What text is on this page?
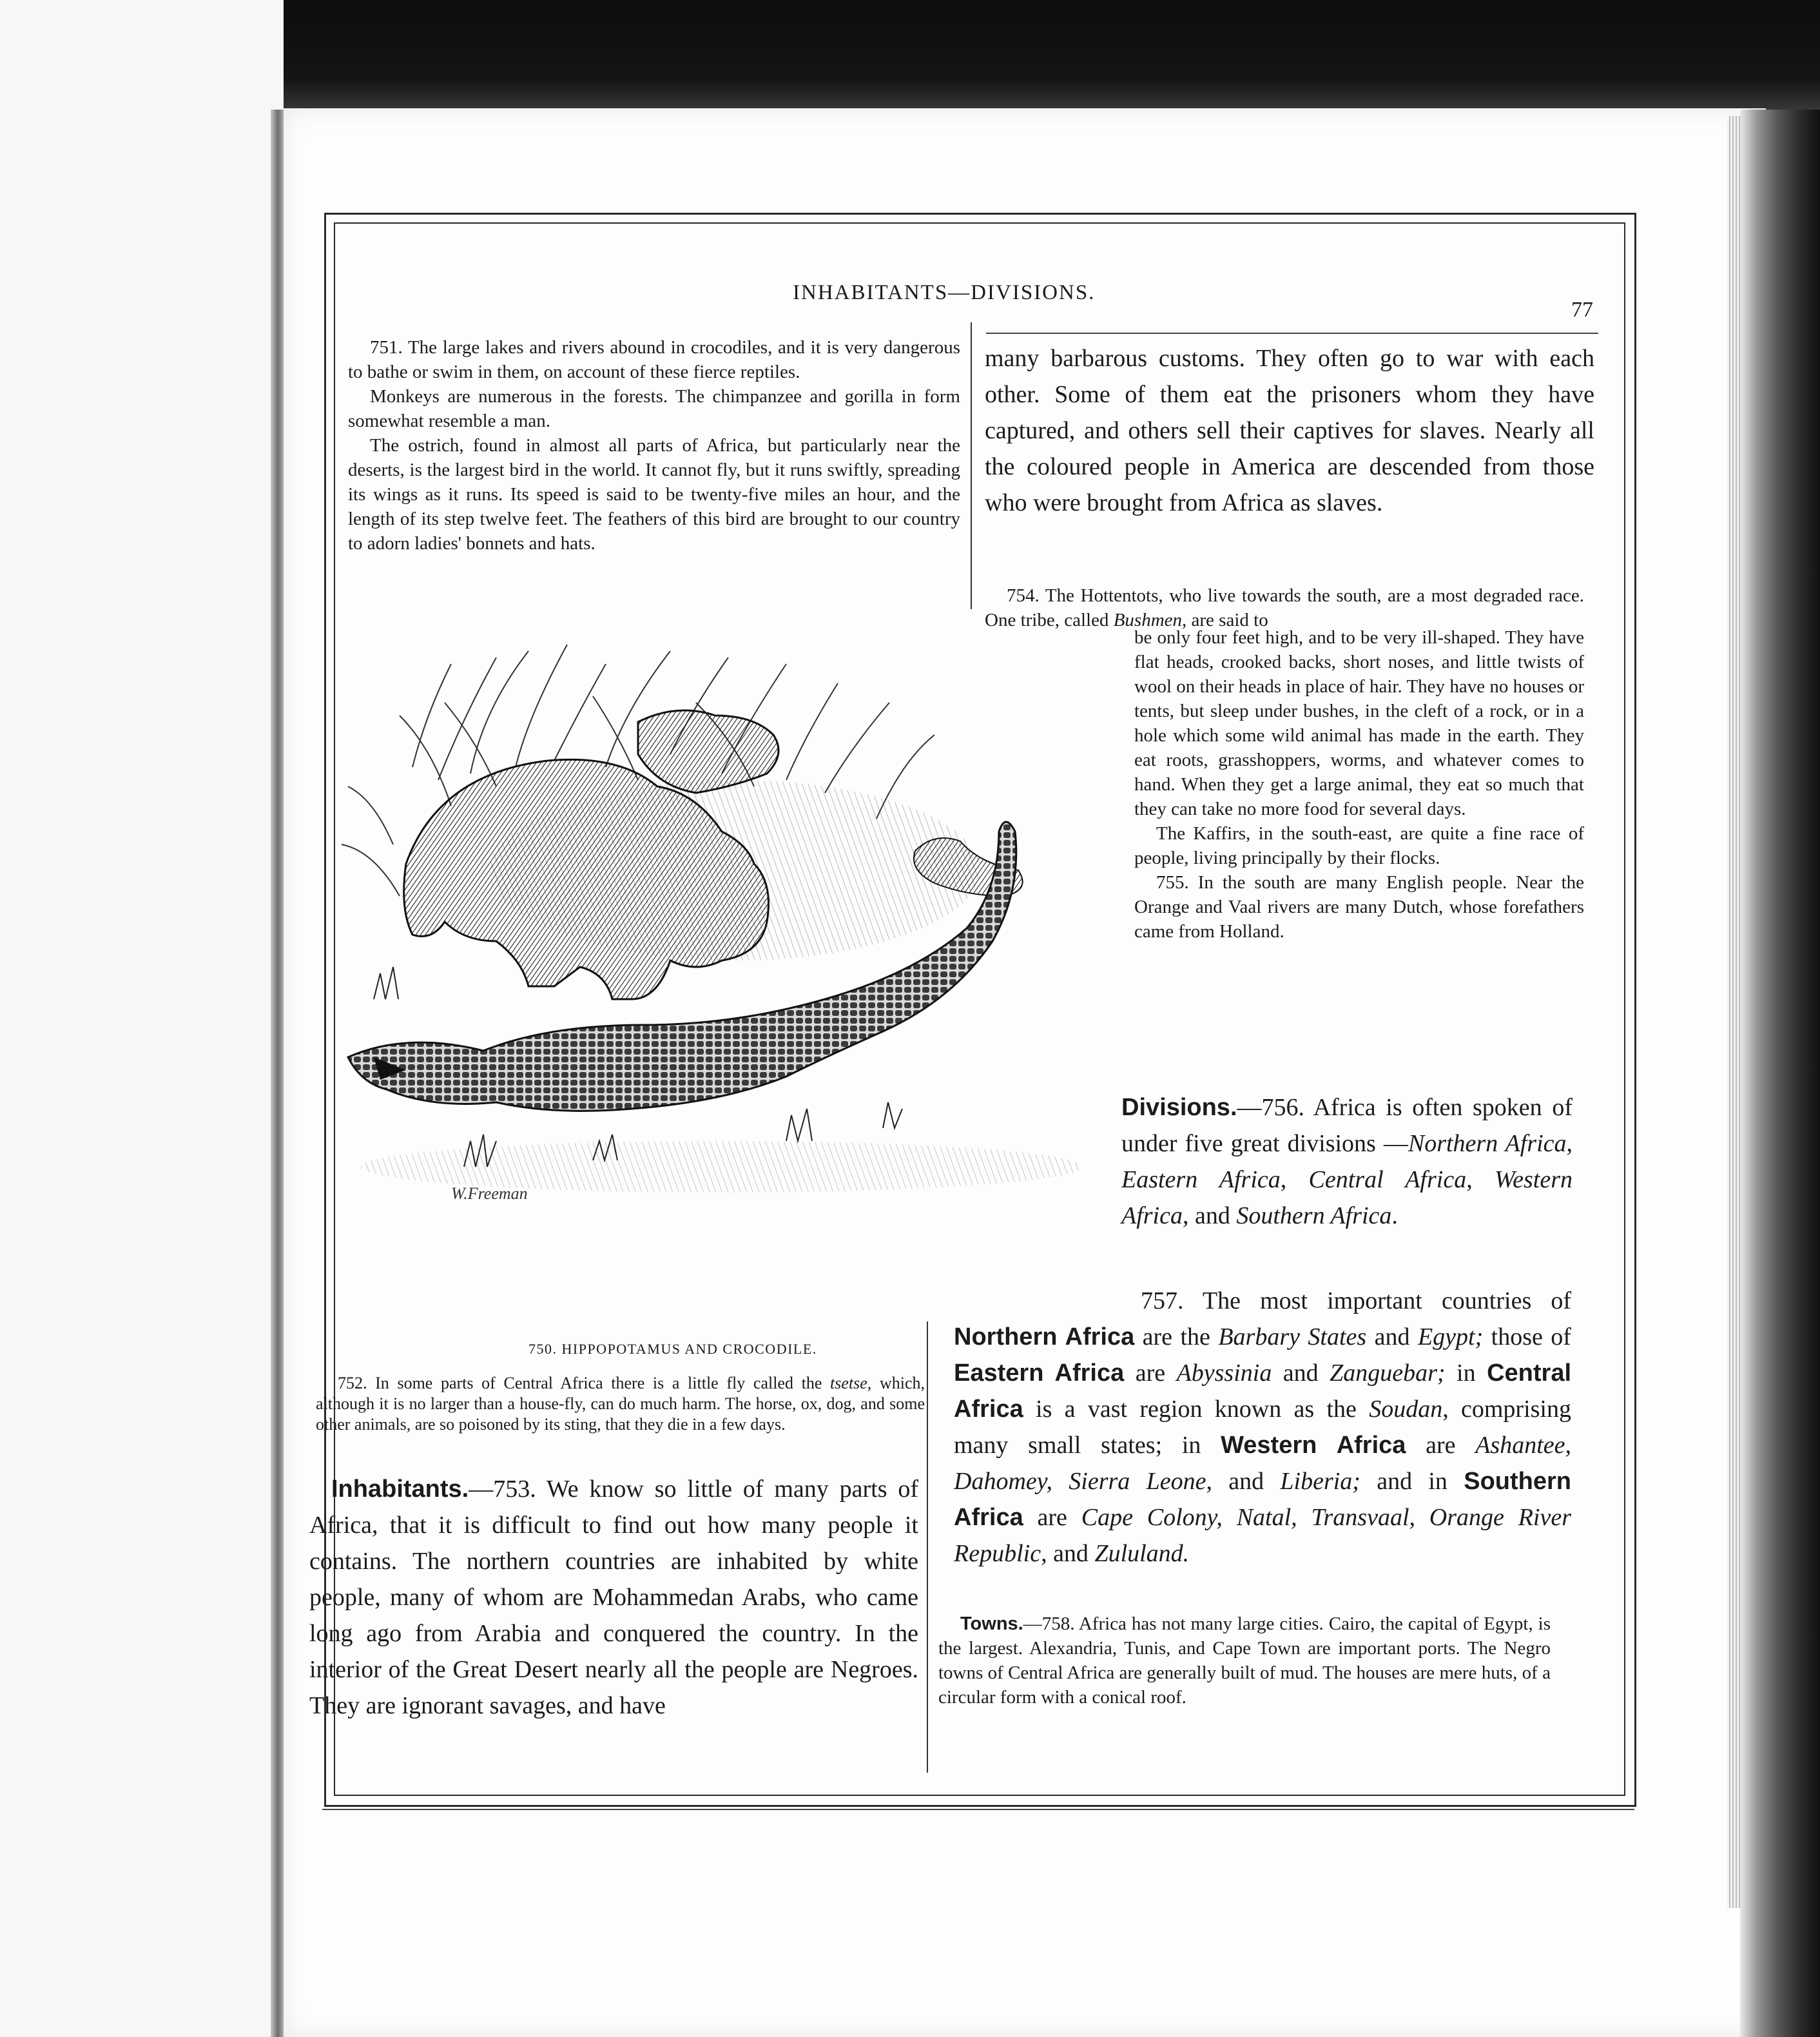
INHABITANTS—DIVISIONS.
77

751. The large lakes and rivers abound in crocodiles, and it is very dangerous to bathe or swim in them, on account of these fierce reptiles.

Monkeys are numerous in the forests. The chimpanzee and gorilla in form somewhat resemble a man.

The ostrich, found in almost all parts of Africa, but particularly near the deserts, is the largest bird in the world. It cannot fly, but it runs swiftly, spreading its wings as it runs. Its speed is said to be twenty-five miles an hour, and the length of its step twelve feet. The feathers of this bird are brought to our country to adorn ladies' bonnets and hats.

many barbarous customs. They often go to war with each other. Some of them eat the prisoners whom they have captured, and others sell their captives for slaves. Nearly all the coloured people in America are descended from those who were brought from Africa as slaves.

754. The Hottentots, who live towards the south, are a most degraded race. One tribe, called Bushmen, are said to

be only four feet high, and to be very ill-shaped. They have flat heads, crooked backs, short noses, and little twists of wool on their heads in place of hair. They have no houses or tents, but sleep under bushes, in the cleft of a rock, or in a hole which some wild animal has made in the earth. They eat roots, grasshoppers, worms, and whatever comes to hand. When they get a large animal, they eat so much that they can take no more food for several days.

The Kaffirs, in the south-east, are quite a fine race of people, living principally by their flocks.

755. In the south are many English people. Near the Orange and Vaal rivers are many Dutch, whose forefathers came from Holland.

Divisions.—756. Africa is often spoken of under five great divisions —Northern Africa, Eastern Africa, Central Africa, Western Africa, and Southern Africa.

757. The most important countries of Northern Africa are the Barbary States and Egypt; those of Eastern Africa are Abyssinia and Zanguebar; in Central Africa is a vast region known as the Soudan, comprising many small states; in Western Africa are Ashantee, Dahomey, Sierra Leone, and Liberia; and in Southern Africa are Cape Colony, Natal, Transvaal, Orange River Republic, and Zululand.

Towns.—758. Africa has not many large cities. Cairo, the capital of Egypt, is the largest. Alexandria, Tunis, and Cape Town are important ports. The Negro towns of Central Africa are generally built of mud. The houses are mere huts, of a circular form with a conical roof.

W.Freeman
750. HIPPOPOTAMUS AND CROCODILE.

752. In some parts of Central Africa there is a little fly called the tsetse, which, although it is no larger than a house-fly, can do much harm. The horse, ox, dog, and some other animals, are so poisoned by its sting, that they die in a few days.

Inhabitants.—753. We know so little of many parts of Africa, that it is difficult to find out how many people it contains. The northern countries are inhabited by white people, many of whom are Mohammedan Arabs, who came long ago from Arabia and conquered the country. In the interior of the Great Desert nearly all the people are Negroes. They are ignorant savages, and have
